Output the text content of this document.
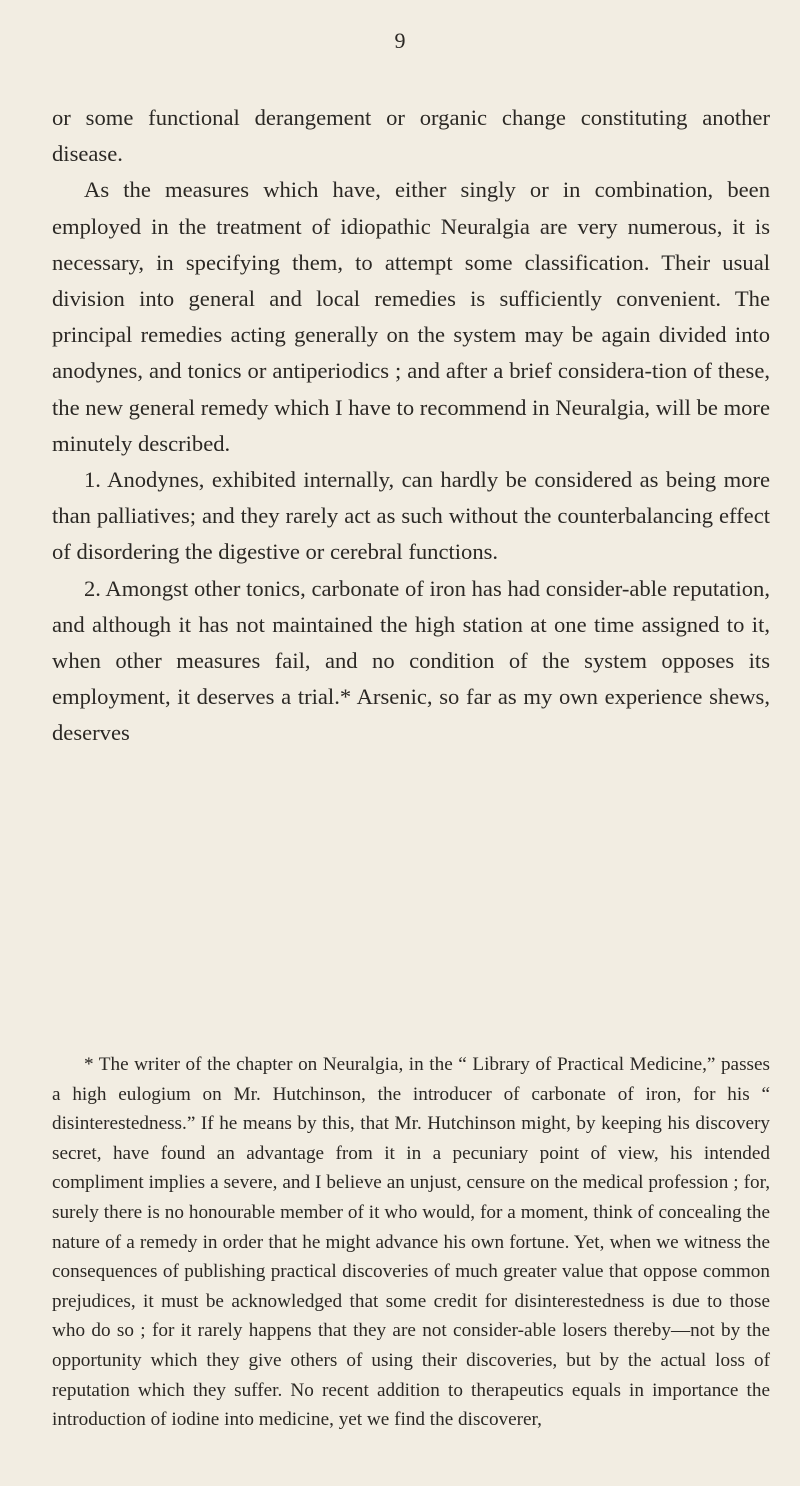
9

or some functional derangement or organic change constituting another disease.

As the measures which have, either singly or in combination, been employed in the treatment of idiopathic Neuralgia are very numerous, it is necessary, in specifying them, to attempt some classification. Their usual division into general and local remedies is sufficiently convenient. The principal remedies acting generally on the system may be again divided into anodynes, and tonics or antiperiodics ; and after a brief considera-tion of these, the new general remedy which I have to recommend in Neuralgia, will be more minutely described.

1. Anodynes, exhibited internally, can hardly be considered as being more than palliatives; and they rarely act as such without the counterbalancing effect of disordering the digestive or cerebral functions.

2. Amongst other tonics, carbonate of iron has had consider-able reputation, and although it has not maintained the high station at one time assigned to it, when other measures fail, and no condition of the system opposes its employment, it deserves a trial.* Arsenic, so far as my own experience shews, deserves

* The writer of the chapter on Neuralgia, in the “ Library of Practical Medicine,” passes a high eulogium on Mr. Hutchinson, the introducer of carbonate of iron, for his “ disinterestedness.” If he means by this, that Mr. Hutchinson might, by keeping his discovery secret, have found an advantage from it in a pecuniary point of view, his intended compliment implies a severe, and I believe an unjust, censure on the medical profession ; for, surely there is no honourable member of it who would, for a moment, think of concealing the nature of a remedy in order that he might advance his own fortune. Yet, when we witness the consequences of publishing practical discoveries of much greater value that oppose common prejudices, it must be acknowledged that some credit for disinterestedness is due to those who do so ; for it rarely happens that they are not consider-able losers thereby—not by the opportunity which they give others of using their discoveries, but by the actual loss of reputation which they suffer. No recent addition to therapeutics equals in importance the introduction of iodine into medicine, yet we find the discoverer,
